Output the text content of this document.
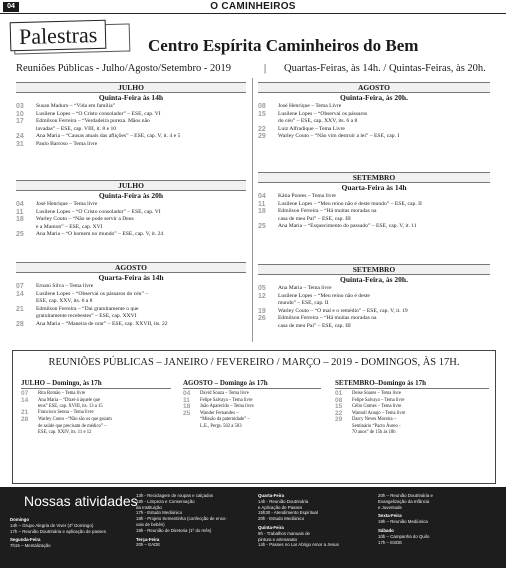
04	O CAMINHEIROS
Palestras	Centro Espírita Caminheiros do Bem
Reuniões Públicas - Julho/Agosto/Setembro - 2019	| Quartas-Feiras, às 14h. / Quintas-Feiras, às 20h.
JULHO
Quinta-Feira às 14h
03	Susan Maduro – “Vida em família”
10	Lusilene Lopes – “O Cristo consolador” – ESE, cap. VI
17	Edmilson Ferreira – “Verdadeira pureza. Mãos não
lavadas” – ESE, cap. VIII, it. 8 e 10
24	Ana Maria – “Causas atuais das aflições” – ESE, cap. V, it. 4 e 5
31	Paulo Barroso – Tema livre
JULHO
Quinta-Feira às 20h
04	José Henrique – Tema livre
11	Lusilene Lopes – “O Cristo consolador” – ESE, cap. VI
18	Warley Couto – “Não se pode servir a Deus
e a Mamon” – ESE, cap. XVI
25	Ana Maria – “O homem no mundo” – ESE, cap. V, it. 24
AGOSTO
Quarta-Feira às 14h
07	Ernani Silva – Tema livre
14	Lusilene Lopes – “Observai os pássaros do céu” –
ESE, cap. XXV, its. 6 a 8
21	Edmilson Ferreira – “Dai gratuitamente o que
gratuitamente recebestes” – ESE, cap. XXVI
28	Ana Maria – “Maneira de orar” – ESE, cap. XXVII, its. 22
AGOSTO
Quinta-Feira, às 20h.
08	José Henrique – Tema Livre
15	Lusilene Lopes – “Observai os pássaros
do céu” – ESE, cap. XXV, its. 6 a 8
22	Luiz Alfradique – Tema Livre
29	Warley Couto – “Não vim destruir a lei” – ESE, cap. I
SETEMBRO
Quarta-Feira às 14h
04	Kátia Pontes – Tema livre
11	Lusilene Lopes – “Meu reino não é deste mundo” – ESE, cap. II
18	Edmilson Ferreira – “Há muitas moradas na
casa de meu Pai” – ESE, cap. III
25	Ana Maria – “Esquecimento do passado” – ESE, cap. V, it. 11
SETEMBRO
Quinta-Feira, às 20h.
05	Ana Maria – Tema livre
12	Lusilene Lopes – “Meu reino não é deste
mundo” – ESE, cap. II
19	Warley Couto – “O mal e o remédio” – ESE, cap. V, it. 19
26	Edmilson Ferreira – “Há muitas moradas na
casa de meu Pai” – ESE, cap. III
REUNIÕES PÚBLICAS – JANEIRO / FEVEREIRO / MARÇO – 2019 - DOMINGOS, ÀS 17H.
JULHO – Domingo, às 17h
07	Rita Romão – Tema livre
14	Ana Maria – “Dizei-á àquele que
tens” ESE, cap. XVIII, its. 13 a 15
21	Francisco Senna – Tema livre
28	Warley Couto –“Não são os que gozam
de saúde que precisam de médico” –
ESE, cap. XXIV, its. 11 e 12
AGOSTO – Domingo às 17h
04	David Souza – Tema livre
11	Felipe Salvaya – Tema livre
18	João Aparecido – Tema livre
25	Wander Fernandes –
“Missão da paternidade” –
L.E., Pergs. 582 a 583
SETEMBRO–Domingo às 17h
01	Deise Soares – Tema livre
08	Felipe Salvaya – Tema livre
15	Célio Gomes – Tema livre
22	Wantuil Araujo – Tema livre
29	Darcy Neves Moreira –
Seminário “Pacto Áureo -
70 anos” de 15h às 18h
Nossas atividades
Domingo
14h – Grupo Alegria de Viver (4º Domingo)
17h – Reunião Doutrinária e aplicação de passes
Segunda-Feira
7h15 – Mentalização
13h - Reciclagem de roupas e calçados
18h - Limpeza e Conservação
da Instituição
17h - Estudo Mediúnico
18h - Projeto Sementinha (confecção de enxo-
vais de bebês)
19h - Reunião de Diretoria (1º do mês)
Terça-Feira
20h – EADE
Quarta-Feira
14h - Reunião Doutrinária
e Aplicação de Passes
15h30 - Atendimento Espiritual
20h - Estudo Mediúnico
Quinta-Feira
9h - Trabalhos manuais de
pintura e artesanato
14h - Passes no Lar Abrigo Amor a Jesus
20h – Reunião Doutrinária e
Evangelização da Infância
e Juventude
Sexta-Feira
19h – Reunião Mediúnica
Sábado
10h – Campanha do Quilo
17h – ESDE
